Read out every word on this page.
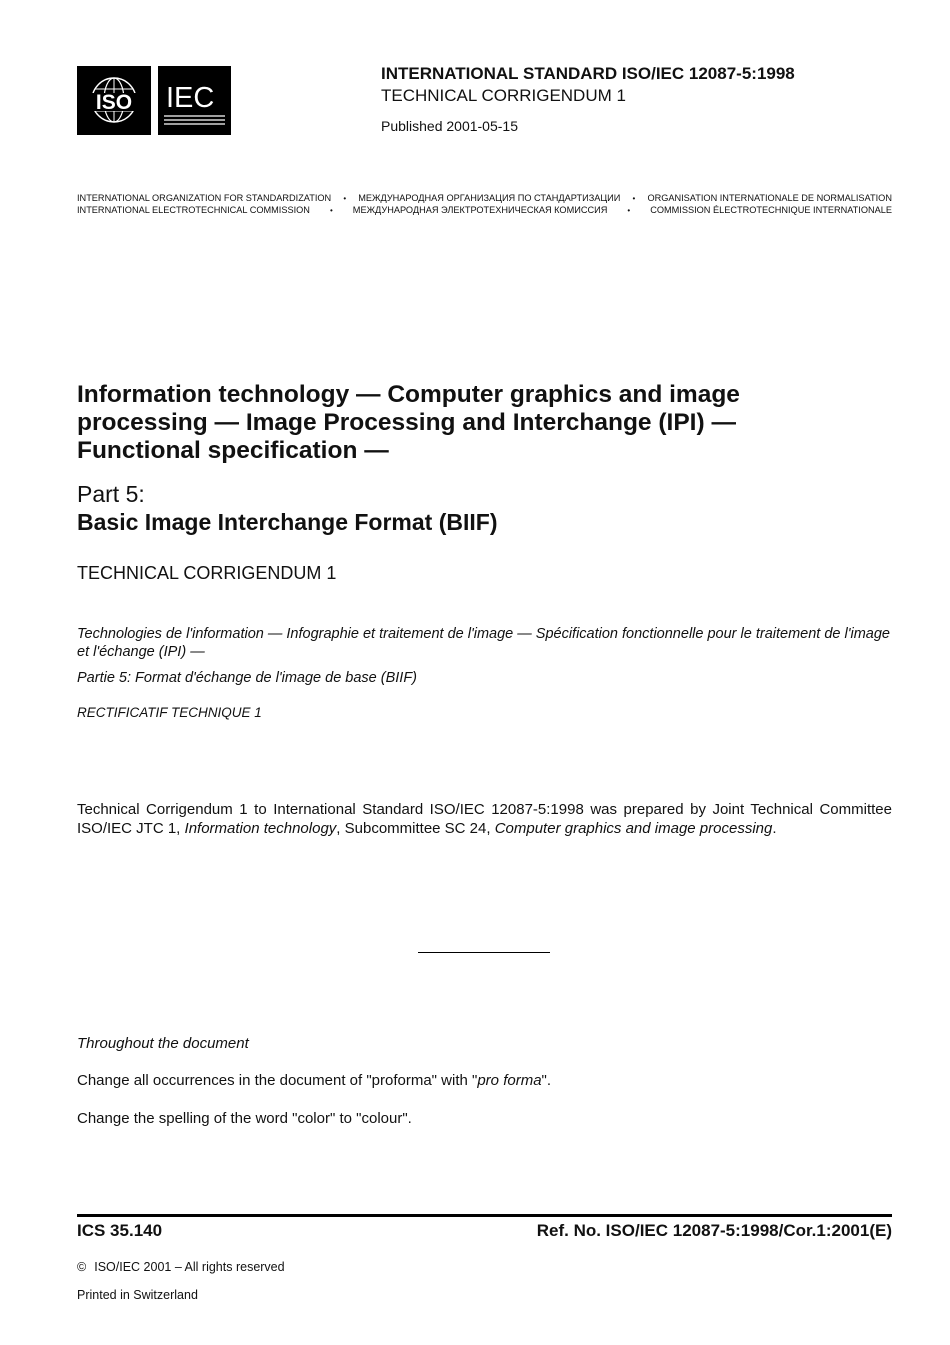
ISO IEC
INTERNATIONAL STANDARD ISO/IEC 12087-5:1998
TECHNICAL CORRIGENDUM 1
Published 2001-05-15
INTERNATIONAL ORGANIZATION FOR STANDARDIZATION	•	МЕЖДУНАРОДНАЯ ОРГАНИЗАЦИЯ ПО СТАНДАРТИЗАЦИИ	•	ORGANISATION INTERNATIONALE DE NORMALISATION
INTERNATIONAL ELECTROTECHNICAL COMMISSION	•	МЕЖДУНАРОДНАЯ ЭЛЕКТРОТЕХНИЧЕСКАЯ КОМИССИЯ	•	COMMISSION ÉLECTROTECHNIQUE INTERNATIONALE
Information technology — Computer graphics and image processing — Image Processing and Interchange (IPI) — Functional specification —
Part 5:
Basic Image Interchange Format (BIIF)
TECHNICAL CORRIGENDUM 1
Technologies de l'information — Infographie et traitement de l'image — Spécification fonctionnelle pour le traitement de l'image et l'échange (IPI) —
Partie 5: Format d'échange de l'image de base (BIIF)
RECTIFICATIF TECHNIQUE 1
Technical Corrigendum 1 to International Standard ISO/IEC 12087-5:1998 was prepared by Joint Technical Committee ISO/IEC JTC 1, Information technology, Subcommittee SC 24, Computer graphics and image processing.
Throughout the document
Change all occurrences in the document of "proforma" with "pro forma".
Change the spelling of the word "color" to "colour".
ICS 35.140	Ref. No. ISO/IEC 12087-5:1998/Cor.1:2001(E)
© ISO/IEC 2001 – All rights reserved
Printed in Switzerland
